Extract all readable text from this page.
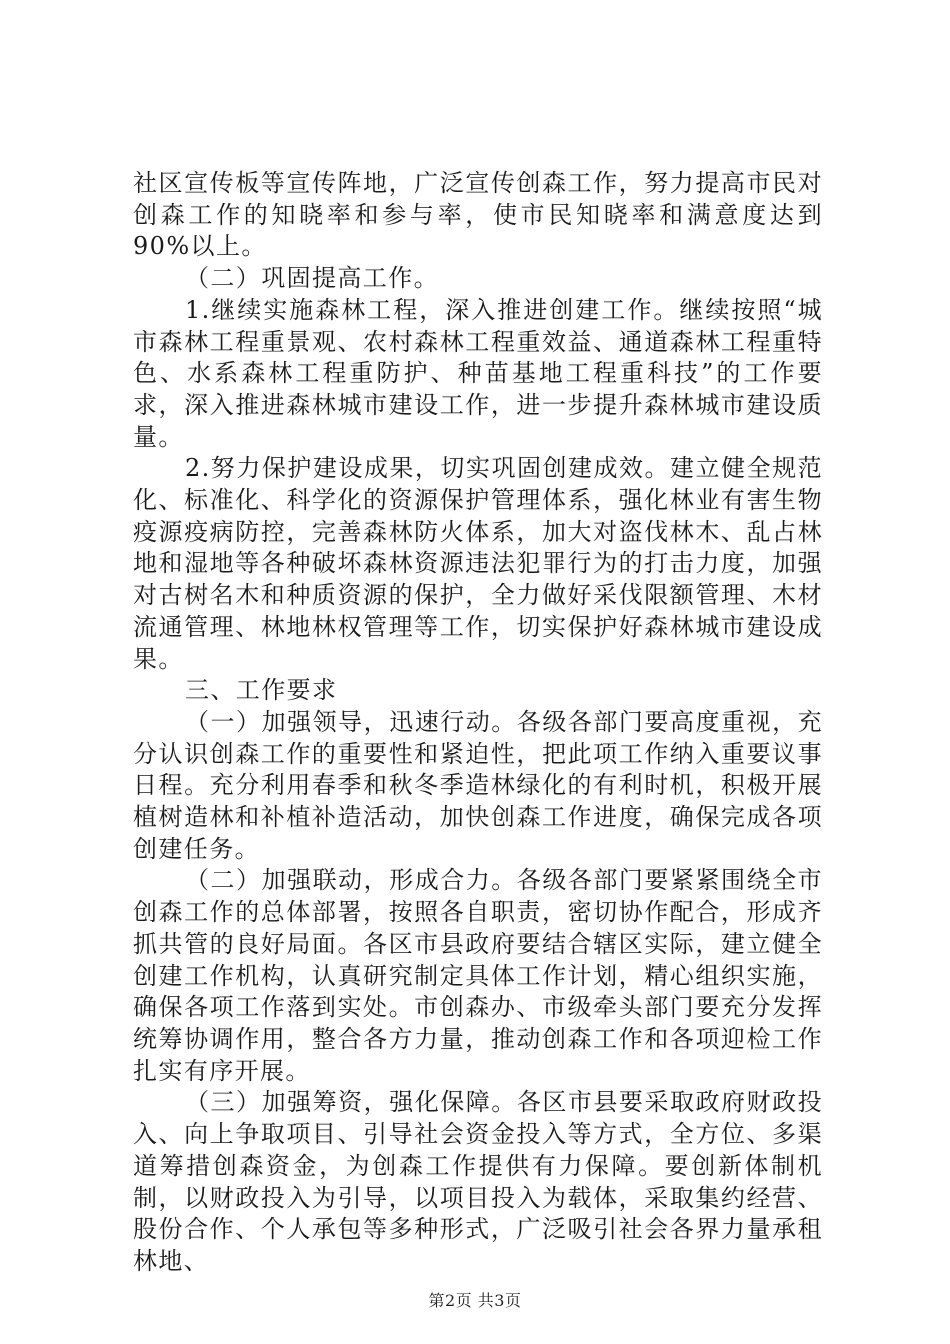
社区宣传板等宣传阵地，广泛宣传创森工作，努力提高市民对创森工作的知晓率和参与率，使市民知晓率和满意度达到90%以上。

（二）巩固提高工作。

1.继续实施森林工程，深入推进创建工作。继续按照“城市森林工程重景观、农村森林工程重效益、通道森林工程重特色、水系森林工程重防护、种苗基地工程重科技”的工作要求，深入推进森林城市建设工作，进一步提升森林城市建设质量。

2.努力保护建设成果，切实巩固创建成效。建立健全规范化、标准化、科学化的资源保护管理体系，强化林业有害生物疫源疫病防控，完善森林防火体系，加大对盗伐林木、乱占林地和湿地等各种破坏森林资源违法犯罪行为的打击力度，加强对古树名木和种质资源的保护，全力做好采伐限额管理、木材流通管理、林地林权管理等工作，切实保护好森林城市建设成果。

三、工作要求

（一）加强领导，迅速行动。各级各部门要高度重视，充分认识创森工作的重要性和紧迫性，把此项工作纳入重要议事日程。充分利用春季和秋冬季造林绿化的有利时机，积极开展植树造林和补植补造活动，加快创森工作进度，确保完成各项创建任务。

（二）加强联动，形成合力。各级各部门要紧紧围绕全市创森工作的总体部署，按照各自职责，密切协作配合，形成齐抓共管的良好局面。各区市县政府要结合辖区实际，建立健全创建工作机构，认真研究制定具体工作计划，精心组织实施，确保各项工作落到实处。市创森办、市级牵头部门要充分发挥统筹协调作用，整合各方力量，推动创森工作和各项迎检工作扎实有序开展。

（三）加强筹资，强化保障。各区市县要采取政府财政投入、向上争取项目、引导社会资金投入等方式，全方位、多渠道筹措创森资金，为创森工作提供有力保障。要创新体制机制，以财政投入为引导，以项目投入为载体，采取集约经营、股份合作、个人承包等多种形式，广泛吸引社会各界力量承租林地、

第2页 共3页
